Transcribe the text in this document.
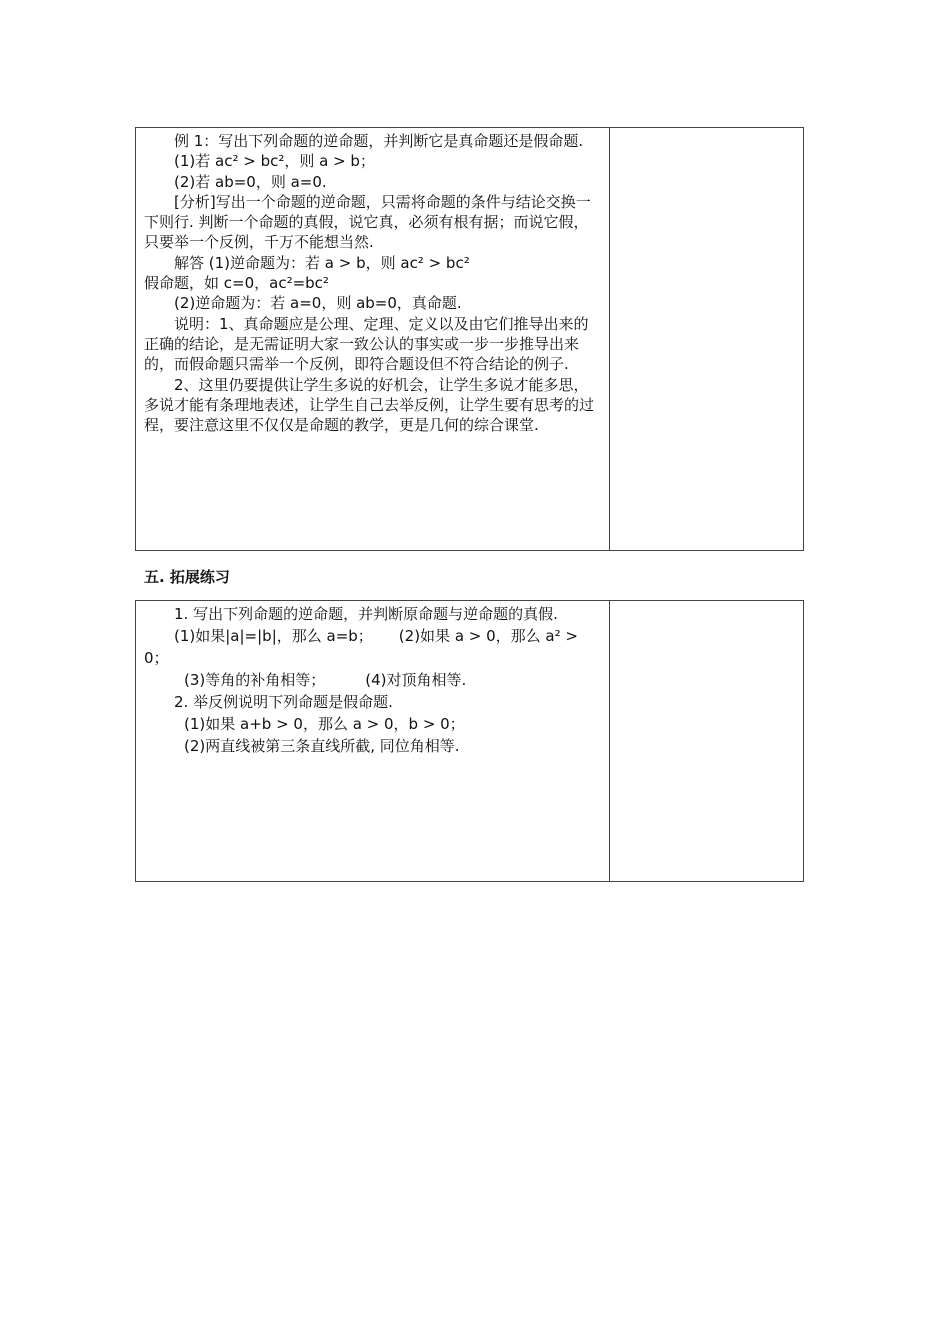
例 1：写出下列命题的逆命题，并判断它是真命题还是假命题.

(1)若 ac² > bc²，则 a > b；

(2)若 ab=0，则 a=0.

[分析]写出一个命题的逆命题，只需将命题的条件与结论交换一下则行. 判断一个命题的真假，说它真，必须有根有据；而说它假，只要举一个反例，千万不能想当然.

解答 (1)逆命题为：若 a > b，则 ac² > bc²

假命题，如 c=0，ac²=bc²

(2)逆命题为：若 a=0，则 ab=0，真命题.

说明：1、真命题应是公理、定理、定义以及由它们推导出来的正确的结论，是无需证明大家一致公认的事实或一步一步推导出来的，而假命题只需举一个反例，即符合题设但不符合结论的例子.

2、这里仍要提供让学生多说的好机会，让学生多说才能多思，多说才能有条理地表述，让学生自己去举反例，让学生要有思考的过程，要注意这里不仅仅是命题的教学，更是几何的综合课堂.

五. 拓展练习

1. 写出下列命题的逆命题，并判断原命题与逆命题的真假.

(1)如果|a|=|b|，那么 a=b； (2)如果 a > 0，那么 a² > 0；

(3)等角的补角相等；	(4)对顶角相等.

2. 举反例说明下列命题是假命题.

(1)如果 a+b > 0，那么 a > 0，b > 0；

(2)两直线被第三条直线所截, 同位角相等.
